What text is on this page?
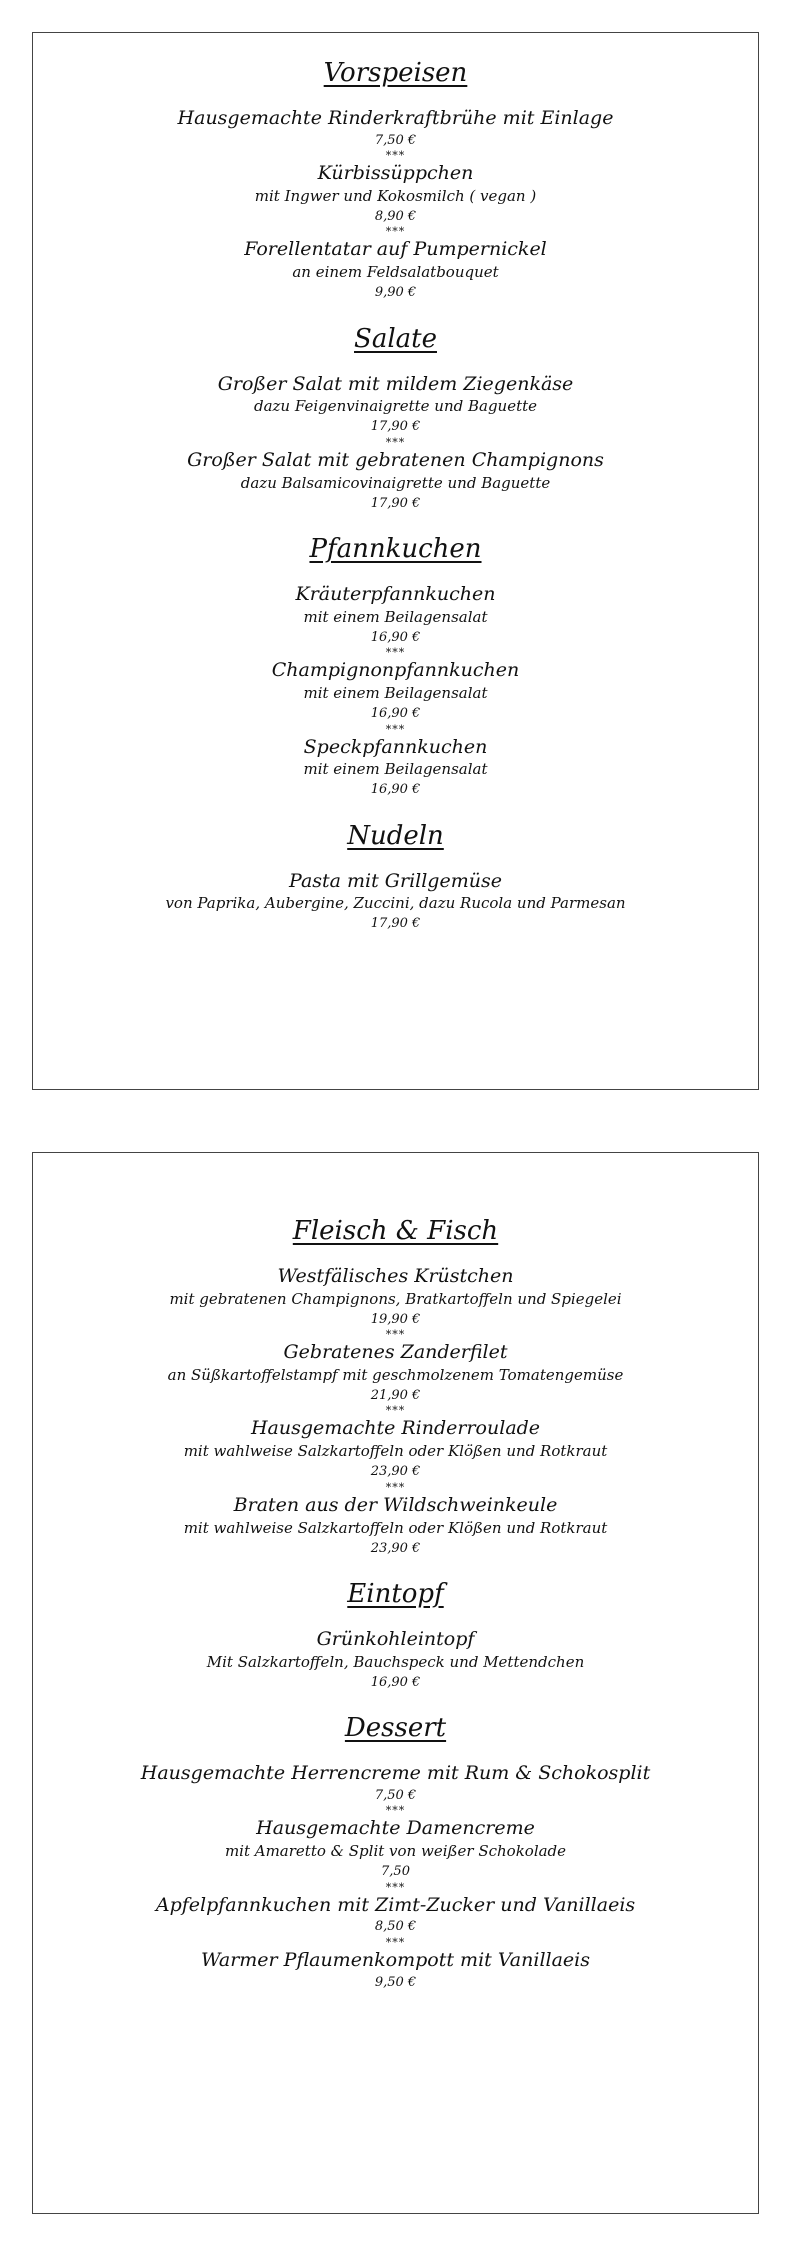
Vorspeisen
Hausgemachte Rinderkraftbrühe mit Einlage
7,50 €
***
Kürbissüppchen
mit Ingwer und Kokosmilch ( vegan )
8,90 €
***
Forellentatar auf Pumpernickel
an einem Feldsalatbouquet
9,90 €
Salate
Großer Salat mit mildem Ziegenkäse
dazu Feigenvinaigrette und Baguette
17,90 €
***
Großer Salat mit gebratenen Champignons
dazu Balsamicovinaigrette und Baguette
17,90 €
Pfannkuchen
Kräuterpfannkuchen
mit einem Beilagensalat
16,90 €
***
Champignonpfannkuchen
mit einem Beilagensalat
16,90 €
***
Speckpfannkuchen
mit einem Beilagensalat
16,90 €
Nudeln
Pasta mit Grillgemüse
von Paprika, Aubergine, Zuccini, dazu Rucola und Parmesan
17,90 €
Fleisch & Fisch
Westfälisches Krüstchen
mit gebratenen Champignons, Bratkartoffeln und Spiegelei
19,90 €
***
Gebratenes Zanderfilet
an Süßkartoffelstampf mit geschmolzenem Tomatengemüse
21,90 €
***
Hausgemachte Rinderroulade
mit wahlweise Salzkartoffeln oder Klößen und Rotkraut
23,90 €
***
Braten aus der Wildschweinkeule
mit wahlweise Salzkartoffeln oder Klößen und Rotkraut
23,90 €
Eintopf
Grünkohleintopf
Mit Salzkartoffeln, Bauchspeck und Mettendchen
16,90 €
Dessert
Hausgemachte Herrencreme mit Rum & Schokosplit
7,50 €
***
Hausgemachte Damencreme
mit Amaretto & Split von weißer Schokolade
7,50
***
Apfelpfannkuchen mit Zimt-Zucker und Vanillaeis
8,50 €
***
Warmer Pflaumenkompott mit Vanillaeis
9,50 €
